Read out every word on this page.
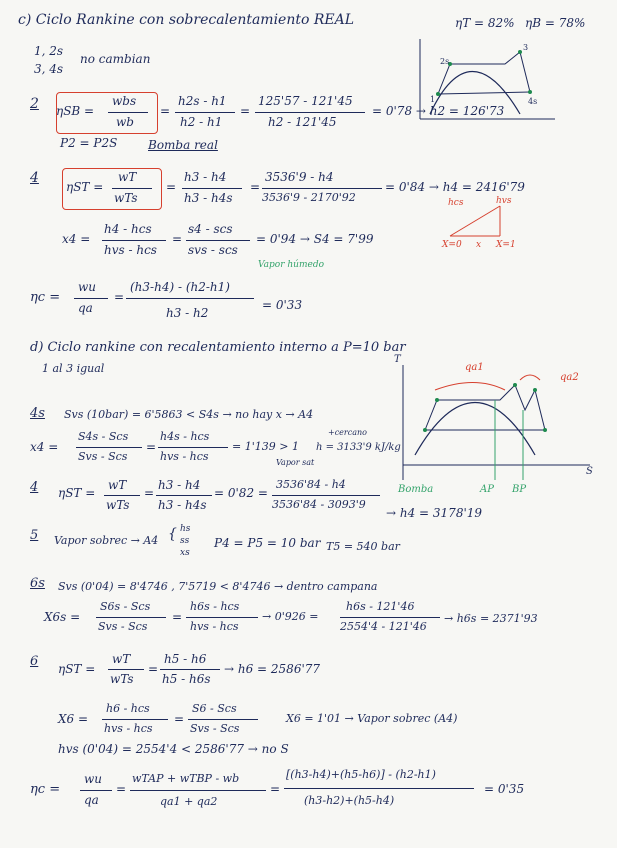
c) Ciclo Rankine con sobrecalentamiento REAL	ηT = 82% ηB = 78%
1, 2s
3, 4s
no cambian	2s
3
4s
1
2 ηSB =
wbs
wb
=
h2s - h1
h2 - h1
=
125'57 - 121'45
h2 - 121'45
= 0'78 → h2 = 126'73
P2 = P2S	Bomba real
4
ηST =
wT
wTs
=
h3 - h4
h3 - h4s
=
3536'9 - h4
3536'9 - 2170'92
= 0'84 → h4 = 2416'79
x4 =
h4 - hcs
hvs - hcs
=
s4 - scs
svs - scs
= 0'94 → S4 = 7'99
Vapor húmedo
hcs	hvs
X=0 x X=1
ηc =
wu
qa
=
(h3-h4) - (h2-h1)
h3 - h2
= 0'33
d) Ciclo rankine con recalentamiento interno a P=10 bar
1 al 3 igual	qa1
qa2
Bomba	AP BP
S
T
4s Svs (10bar) = 6'5863 < S4s → no hay x → A4
x4 =
S4s - Scs
Svs - Scs
=
h4s - hcs
hvs - hcs
= 1'139 > 1
+cercano
h = 3133'9 kJ/kg
Vapor sat
4 ηST =
wT
wTs
=
h3 - h4
h3 - h4s
= 0'82 =
3536'84 - h4
3536'84 - 3093'9
→ h4 = 3178'19
5 Vapor sobrec → A4 { hs
ss
xs
P4 = P5 = 10 bar T5 = 540 bar
6s Svs (0'04) = 8'4746 , 7'5719 < 8'4746 → dentro campana
X6s =
S6s - Scs
Svs - Scs
=
h6s - hcs
hvs - hcs
→ 0'926 =
h6s - 121'46
2554'4 - 121'46
→ h6s = 2371'93
6 ηST =
wT
wTs
=
h5 - h6
h5 - h6s
→ h6 = 2586'77
X6 =
h6 - hcs
hvs - hcs
=
S6 - Scs
Svs - Scs
X6 = 1'01 → Vapor sobrec (A4)
hvs (0'04) = 2554'4 < 2586'77 → no S
ηc =
wu
qa
=
wTAP + wTBP - wb
qa1 + qa2
=
[(h3-h4)+(h5-h6)] - (h2-h1)
(h3-h2)+(h5-h4)
= 0'35
